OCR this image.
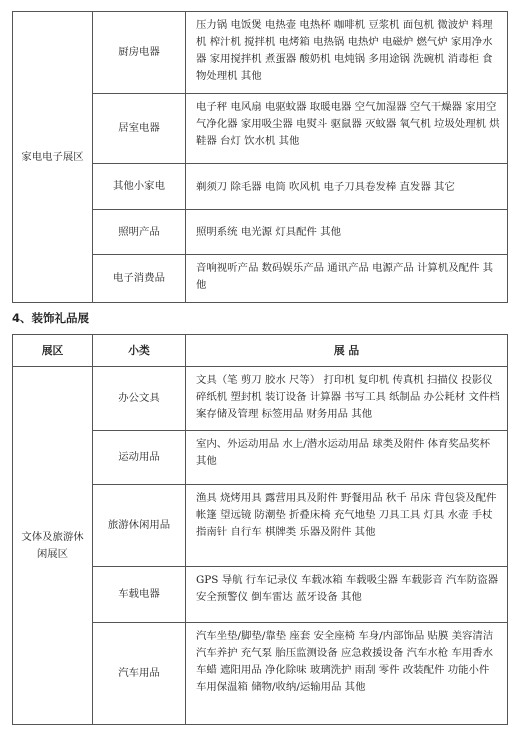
家电电子展区	厨房电器	压力锅 电饭煲 电热壶 电热杯 咖啡机 豆浆机 面包机 微波炉 料理机 榨汁机 搅拌机 电烤箱 电热锅 电热炉 电磁炉 燃气炉 家用净水器 家用搅拌机 煮蛋器 酸奶机 电炖锅 多用途锅 洗碗机 消毒柜 食物处理机 其他
	居室电器	电子秤 电风扇 电驱蚊器 取暖电器 空气加湿器 空气干燥器 家用空气净化器 家用吸尘器 电熨斗 驱鼠器 灭蚊器 氧气机 垃圾处理机 烘鞋器 台灯 饮水机 其他
	其他小家电	剃须刀 除毛器 电筒 吹风机 电子刀具卷发棒 直发器 其它
	照明产品	照明系统 电光源 灯具配件 其他
	电子消费品	音响视听产品 数码娱乐产品 通讯产品 电源产品 计算机及配件 其他
4、装饰礼品展
展区	小类	展 品
文体及旅游休闲展区	办公文具	文具（笔 剪刀 胶水 尺等） 打印机 复印机 传真机 扫描仪 投影仪 碎纸机 塑封机 装订设备 计算器 书写工具 纸制品 办公耗材 文件档案存储及管理 标签用品 财务用品 其他
	运动用品	室内、外运动用品 水上/潜水运动用品 球类及附件 体育奖品奖杯 其他
	旅游休闲用品	渔具 烧烤用具 露营用具及附件 野餐用品 秋千 吊床 背包袋及配件 帐篷 望远镜 防潮垫 折叠床椅 充气地垫 刀具工具 灯具 水壶 手杖 指南针 自行车 棋牌类 乐器及附件 其他
	车载电器	GPS 导航 行车记录仪 车载冰箱 车载吸尘器 车载影音 汽车防盗器 安全预警仪 倒车雷达 蓝牙设备 其他
	汽车用品	汽车坐垫/脚垫/靠垫 座套 安全座椅 车身/内部饰品 贴膜 美容清洁 汽车养护 充气泵 胎压监测设备 应急救援设备 汽车水枪 车用香水 车蜡 遮阳用品 净化除味 玻璃洗护 雨刮 零件 改装配件 功能小件 车用保温箱 储物/收纳/运输用品 其他
